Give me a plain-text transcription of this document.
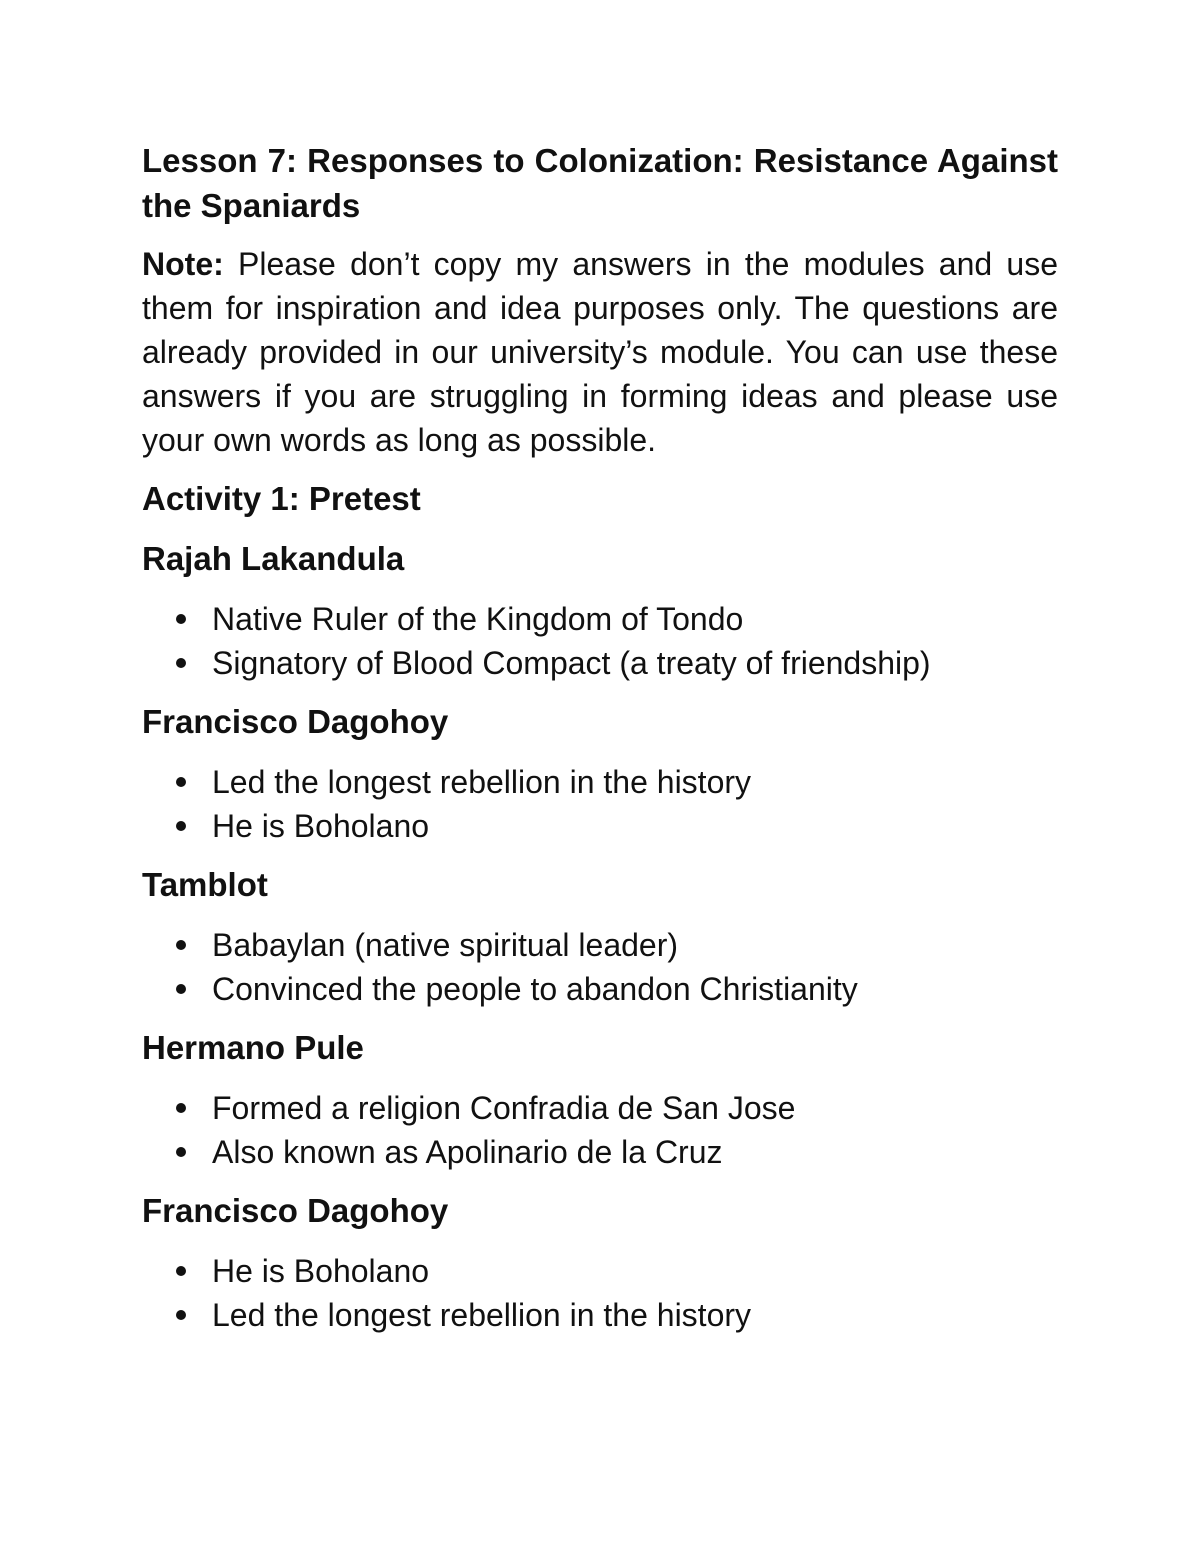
Lesson 7: Responses to Colonization: Resistance Against the Spaniards

Note: Please don’t copy my answers in the modules and use them for inspiration and idea purposes only. The questions are already provided in our university’s module. You can use these answers if you are struggling in forming ideas and please use your own words as long as possible.

Activity 1: Pretest
Rajah Lakandula
Native Ruler of the Kingdom of Tondo
Signatory of Blood Compact (a treaty of friendship)
Francisco Dagohoy
Led the longest rebellion in the history
He is Boholano
Tamblot
Babaylan (native spiritual leader)
Convinced the people to abandon Christianity
Hermano Pule
Formed a religion Confradia de San Jose
Also known as Apolinario de la Cruz
Francisco Dagohoy
He is Boholano
Led the longest rebellion in the history
